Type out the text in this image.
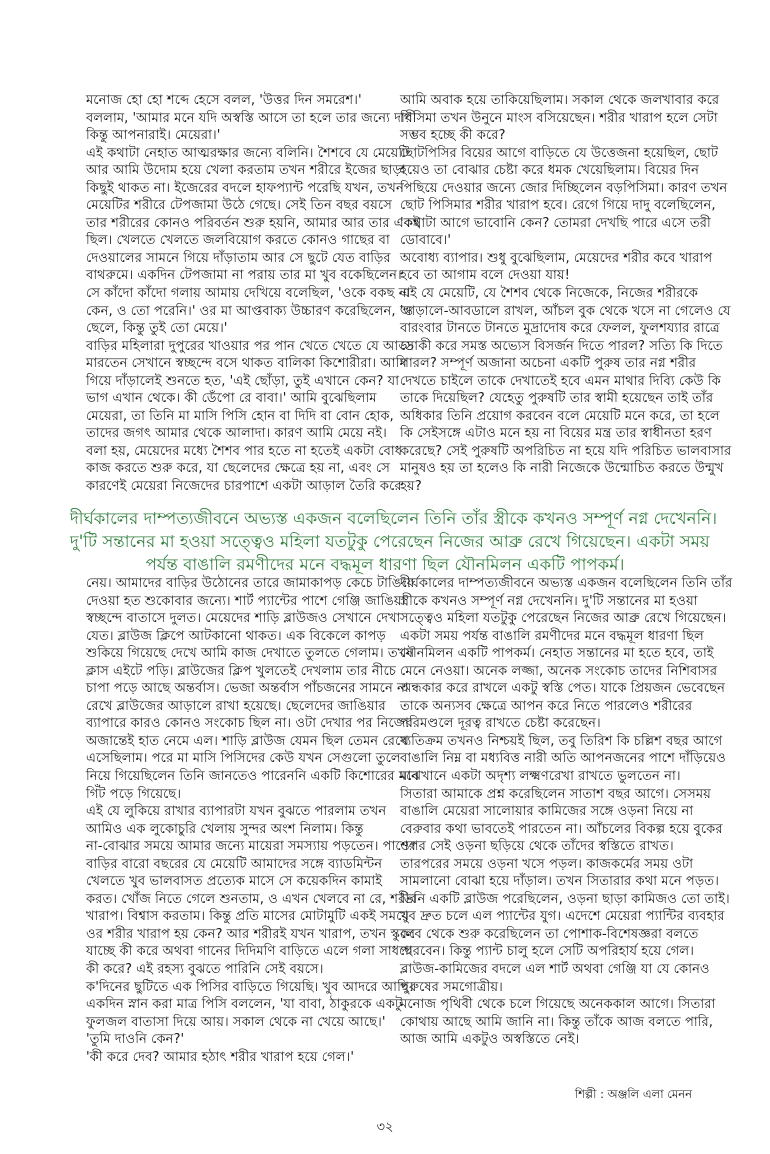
মনোজ হো হো শব্দে হেসে বলল, 'উত্তর দিন সমরেশ।'
বললাম, 'আমার মনে যদি অস্বস্তি আসে তা হলে তার জন্যে দায়ী
কিন্তু আপনারাই। মেয়েরা।'
এই কথাটা নেহাত আত্মরক্ষার জন্যে বলিনি। শৈশবে যে মেয়েটি
আর আমি উদোম হয়ে খেলা করতাম তখন শরীরে ইজের ছাড়া
কিছুই থাকত না। ইজেরের বদলে হাফপ্যান্ট পরেছি যখন, তখন
মেয়েটির শরীরে টেপজামা উঠে গেছে। সেই তিন বছর বয়সে
তার শরীরের কোনও পরিবর্তন শুরু হয়নি, আমার আর তার একই
ছিল। খেলতে খেলতে জলবিয়োগ করতে কোনও গাছের বা
দেওয়ালের সামনে গিয়ে দাঁড়াতাম আর সে ছুটে যেত বাড়ির
বাথরুমে। একদিন টেপজামা না পরায় তার মা খুব বকেছিলেন।
সে কাঁদো কাঁদো গলায় আমায় দেখিয়ে বলেছিল, 'ওকে বকছ না
কেন, ও তো পরেনি।' ওর মা আপ্তবাক্য উচ্চারণ করেছিলেন, 'ও
ছেলে, কিন্তু তুই তো মেয়ে।'
বাড়ির মহিলারা দুপুরের খাওয়ার পর পান খেতে খেতে যে আড্ডা
মারতেন সেখানে স্বচ্ছন্দে বসে থাকত বালিকা কিশোরীরা। আমি
গিয়ে দাঁড়ালেই শুনতে হত, 'এই ছোঁড়া, তুই এখানে কেন? যা
ভাগ এখান থেকে। কী ডেঁপো রে বাবা।' আমি বুঝেছিলাম
মেয়েরা, তা তিনি মা মাসি পিসি হোন বা দিদি বা বোন হোক,
তাদের জগৎ আমার থেকে আলাদা। কারণ আমি মেয়ে নই।
বলা হয়, মেয়েদের মধ্যে শৈশব পার হতে না হতেই একটা বোধ
কাজ করতে শুরু করে, যা ছেলেদের ক্ষেত্রে হয় না, এবং সে
কারণেই মেয়েরা নিজেদের চারপাশে একটা আড়াল তৈরি করে
আমি অবাক হয়ে তাকিয়েছিলাম। সকাল থেকে জলখাবার করে
পিসিমা তখন উনুনে মাংস বসিয়েছেন। শরীর খারাপ হলে সেটা
সম্ভব হচ্ছে কী করে?
ছোটপিসির বিয়ের আগে বাড়িতে যে উত্তেজনা হয়েছিল, ছোট
হয়েও তা বোঝার চেষ্টা করে ধমক খেয়েছিলাম। বিয়ের দিন
পিছিয়ে দেওয়ার জন্যে জোর দিচ্ছিলেন বড়পিসিমা। কারণ তখন
ছোট পিসিমার শরীর খারাপ হবে। রেগে গিয়ে দাদু বলেছিলেন,
'কথাটা আগে ভাবোনি কেন? তোমরা দেখছি পারে এসে তরী
ডোবাবে।'
অবোধ্য ব্যাপার। শুধু বুঝেছিলাম, মেয়েদের শরীর কবে খারাপ
হবে তা আগাম বলে দেওয়া যায়!
এই যে মেয়েটি, যে শৈশব থেকে নিজেকে, নিজের শরীরকে
আড়ালে-আবডালে রাখল, আঁচল বুক থেকে খসে না গেলেও যে
বারংবার টানতে টানতে মুদ্রাদোষ করে ফেলল, ফুলশয্যার রাত্রে
সে কী করে সমস্ত অভ্যেস বিসর্জন দিতে পারল? সত্যি কি দিতে
পারল? সম্পূর্ণ অজানা অচেনা একটি পুরুষ তার নগ্ন শরীর
দেখতে চাইলে তাকে দেখাতেই হবে এমন মাথার দিব্যি কেউ কি
তাকে দিয়েছিল? যেহেতু পুরুষটি তার স্বামী হয়েছেন তাই তাঁর
অধিকার তিনি প্রয়োগ করবেন বলে মেয়েটি মনে করে, তা হলে
কি সেইসঙ্গে এটাও মনে হয় না বিয়ের মন্ত্র তার স্বাধীনতা হরণ
করেছে? সেই পুরুষটি অপরিচিত না হয়ে যদি পরিচিত ভালবাসার
মানুষও হয় তা হলেও কি নারী নিজেকে উন্মোচিত করতে উন্মুখ
হয়?
দীর্ঘকালের দাম্পত্যজীবনে অভ্যস্ত একজন বলেছিলেন তিনি তাঁর স্ত্রীকে কখনও সম্পূর্ণ নগ্ন দেখেননি।
দু'টি সন্তানের মা হওয়া সত্ত্বেও মহিলা যতটুকু পেরেছেন নিজের আব্রু রেখে গিয়েছেন। একটা সময়
পর্যন্ত বাঙালি রমণীদের মনে বদ্ধমূল ধারণা ছিল যৌনমিলন একটি পাপকর্ম।
নেয়। আমাদের বাড়ির উঠোনের তারে জামাকাপড় কেচে টাঙিয়ে
দেওয়া হত শুকোবার জন্যে। শার্ট প্যান্টের পাশে গেঞ্জি জাঙিয়া
স্বচ্ছন্দে বাতাসে দুলত। মেয়েদের শাড়ি ব্লাউজও সেখানে দেখা
যেত। ব্লাউজ ক্লিপে আটকানো থাকত। এক বিকেলে কাপড়
শুকিয়ে গিয়েছে দেখে আমি কাজ দেখাতে তুলতে গেলাম। তখন
ক্লাস এইটে পড়ি। ব্লাউজের ক্লিপ খুলতেই দেখলাম তার নীচে
চাপা পড়ে আছে অন্তর্বাস। ভেজা অন্তর্বাস পাঁচজনের সামনে না
রেখে ব্লাউজের আড়ালে রাখা হয়েছে। ছেলেদের জাঙিয়ার
ব্যাপারে কারও কোনও সংকোচ ছিল না। ওটা দেখার পর নিজের
অজান্তেই হাত নেমে এল। শাড়ি ব্লাউজ যেমন ছিল তেমন রেখে
এসেছিলাম। পরে মা মাসি পিসিদের কেউ যখন সেগুলো তুলে
নিয়ে গিয়েছিলেন তিনি জানতেও পারেননি একটি কিশোরের মনে
গিঁট পড়ে গিয়েছে।
এই যে লুকিয়ে রাখার ব্যাপারটা যখন বুঝতে পারলাম তখন
আমিও এক লুকোচুরি খেলায় সুন্দর অংশ নিলাম। কিন্তু
না-বোঝার সময়ে আমার জন্যে মায়েরা সমস্যায় পড়তেন। পাশের
বাড়ির বারো বছরের যে মেয়েটি আমাদের সঙ্গে ব্যাডমিন্টন
খেলতে খুব ভালবাসত প্রত্যেক মাসে সে কয়েকদিন কামাই
করত। খোঁজ নিতে গেলে শুনতাম, ও এখন খেলবে না রে, শরীর
খারাপ। বিশ্বাস করতাম। কিন্তু প্রতি মাসের মোটামুটি একই সময়ে
ওর শরীর খারাপ হয় কেন? আর শরীরই যখন খারাপ, তখন স্কুলে
যাচ্ছে কী করে অথবা গানের দিদিমণি বাড়িতে এলে গলা সাধছে
কী করে? এই রহস্য বুঝতে পারিনি সেই বয়সে।
ক'দিনের ছুটিতে এক পিসির বাড়িতে গিয়েছি। খুব আদরে আছি।
একদিন স্নান করা মাত্র পিসি বললেন, 'যা বাবা, ঠাকুরকে একটু
ফুলজল বাতাসা দিয়ে আয়। সকাল থেকে না খেয়ে আছে।'
'তুমি দাওনি কেন?'
'কী করে দেব? আমার হঠাৎ শরীর খারাপ হয়ে গেল।'
দীর্ঘকালের দাম্পত্যজীবনে অভ্যস্ত একজন বলেছিলেন তিনি তাঁর
স্ত্রীকে কখনও সম্পূর্ণ নগ্ন দেখেননি। দু'টি সন্তানের মা হওয়া
সত্ত্বেও মহিলা যতটুকু পেরেছেন নিজের আব্রু রেখে গিয়েছেন।
একটা সময় পর্যন্ত বাঙালি রমণীদের মনে বদ্ধমূল ধারণা ছিল
যৌনমিলন একটি পাপকর্ম। নেহাত সন্তানের মা হতে হবে, তাই
মেনে নেওয়া। অনেক লজ্জা, অনেক সংকোচ তাদের নিশিবাসর
অন্ধকার করে রাখলে একটু স্বস্তি পেত। যাকে প্রিয়জন ভেবেছেন
তাকে অন্যসব ক্ষেত্রে আপন করে নিতে পারলেও শরীরের
পরিমণ্ডলে দূরত্ব রাখতে চেষ্টা করেছেন।
ব্যতিক্রম তখনও নিশ্চয়ই ছিল, তবু তিরিশ কি চল্লিশ বছর আগে
বাঙালি নিম্ন বা মধ্যবিত্ত নারী অতি আপনজনের পাশে দাঁড়িয়েও
মাঝখানে একটা অদৃশ্য লক্ষ্মণরেখা রাখতে ভুলতেন না।
সিতারা আমাকে প্রশ্ন করেছিলেন সাতাশ বছর আগে। সেসময়
বাঙালি মেয়েরা সালোয়ার কামিজের সঙ্গে ওড়না নিয়ে না
বেরুবার কথা ভাবতেই পারতেন না। আঁচলের বিকল্প হয়ে বুকের
ওপর সেই ওড়না ছড়িয়ে থেকে তাঁদের স্বস্তিতে রাখত।
তারপরের সময়ে ওড়না খসে পড়ল। কাজকর্মের সময় ওটা
সামলানো বোঝা হয়ে দাঁড়াল। তখন সিতারার কথা মনে পড়ত।
তিনি একটি ব্লাউজ পরেছিলেন, ওড়না ছাড়া কামিজও তো তাই।
খুব দ্রুত চলে এল প্যান্টের যুগ। এদেশে মেয়েরা প্যান্টির ব্যবহার
কবে থেকে শুরু করেছিলেন তা পোশাক-বিশেষজ্ঞরা বলতে
পারবেন। কিন্তু প্যান্ট চালু হলে সেটি অপরিহার্য হয়ে গেল।
ব্লাউজ-কামিজের বদলে এল শার্ট অথবা গেঞ্জি যা যে কোনও
পুরুষের সমগোত্রীয়।
মনোজ পৃথিবী থেকে চলে গিয়েছে অনেককাল আগে। সিতারা
কোথায় আছে আমি জানি না। কিন্তু তাঁকে আজ বলতে পারি,
আজ আমি একটুও অস্বস্তিতে নেই।
শিল্পী : অঞ্জলি এলা মেনন
৩২
